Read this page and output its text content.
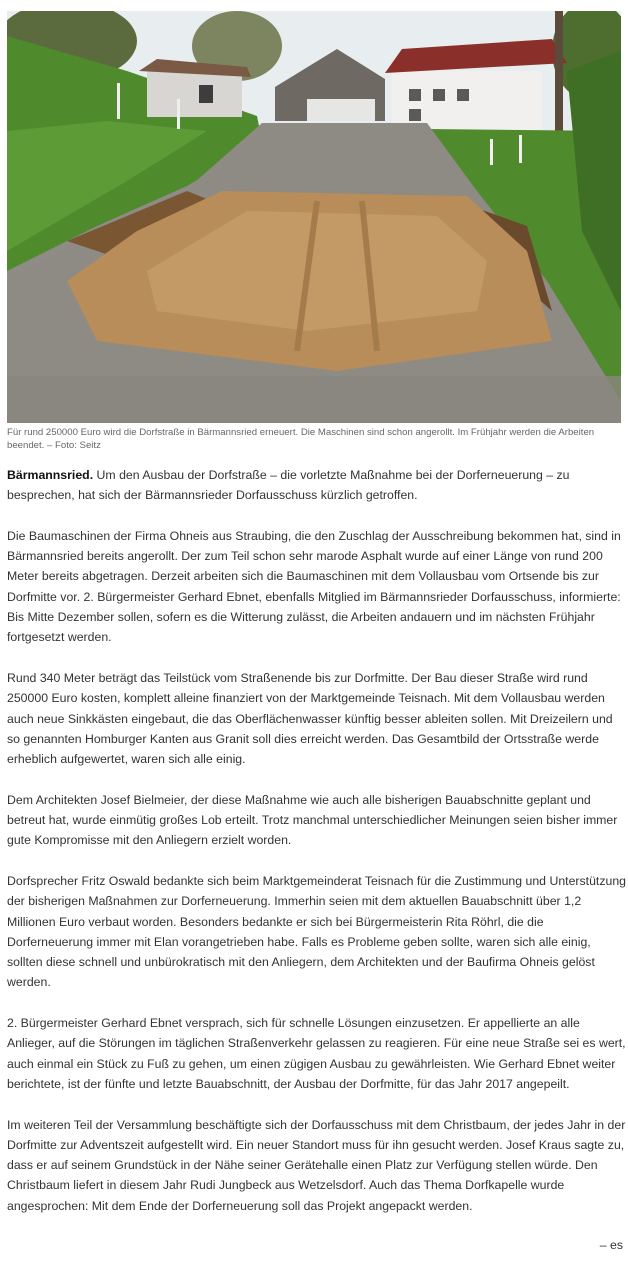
Für rund 250000 Euro wird die Dorfstraße in Bärmannsried erneuert. Die Maschinen sind schon angerollt. Im Frühjahr werden die Arbeiten beendet. – Foto: Seitz

Bärmannsried. Um den Ausbau der Dorfstraße – die vorletzte Maßnahme bei der Dorferneuerung – zu besprechen, hat sich der Bärmannsrieder Dorfausschuss kürzlich getroffen.

Die Baumaschinen der Firma Ohneis aus Straubing, die den Zuschlag der Ausschreibung bekommen hat, sind in Bärmannsried bereits angerollt. Der zum Teil schon sehr marode Asphalt wurde auf einer Länge von rund 200 Meter bereits abgetragen. Derzeit arbeiten sich die Baumaschinen mit dem Vollausbau vom Ortsende bis zur Dorfmitte vor. 2. Bürgermeister Gerhard Ebnet, ebenfalls Mitglied im Bärmannsrieder Dorfausschuss, informierte: Bis Mitte Dezember sollen, sofern es die Witterung zulässt, die Arbeiten andauern und im nächsten Frühjahr fortgesetzt werden.

Rund 340 Meter beträgt das Teilstück vom Straßenende bis zur Dorfmitte. Der Bau dieser Straße wird rund 250000 Euro kosten, komplett alleine finanziert von der Marktgemeinde Teisnach. Mit dem Vollausbau werden auch neue Sinkkästen eingebaut, die das Oberflächenwasser künftig besser ableiten sollen. Mit Dreizeilern und so genannten Homburger Kanten aus Granit soll dies erreicht werden. Das Gesamtbild der Ortsstraße werde erheblich aufgewertet, waren sich alle einig.

Dem Architekten Josef Bielmeier, der diese Maßnahme wie auch alle bisherigen Bauabschnitte geplant und betreut hat, wurde einmütig großes Lob erteilt. Trotz manchmal unterschiedlicher Meinungen seien bisher immer gute Kompromisse mit den Anliegern erzielt worden.

Dorfsprecher Fritz Oswald bedankte sich beim Marktgemeinderat Teisnach für die Zustimmung und Unterstützung der bisherigen Maßnahmen zur Dorferneuerung. Immerhin seien mit dem aktuellen Bauabschnitt über 1,2 Millionen Euro verbaut worden. Besonders bedankte er sich bei Bürgermeisterin Rita Röhrl, die die Dorferneuerung immer mit Elan vorangetrieben habe. Falls es Probleme geben sollte, waren sich alle einig, sollten diese schnell und unbürokratisch mit den Anliegern, dem Architekten und der Baufirma Ohneis gelöst werden.

2. Bürgermeister Gerhard Ebnet versprach, sich für schnelle Lösungen einzusetzen. Er appellierte an alle Anlieger, auf die Störungen im täglichen Straßenverkehr gelassen zu reagieren. Für eine neue Straße sei es wert, auch einmal ein Stück zu Fuß zu gehen, um einen zügigen Ausbau zu gewährleisten. Wie Gerhard Ebnet weiter berichtete, ist der fünfte und letzte Bauabschnitt, der Ausbau der Dorfmitte, für das Jahr 2017 angepeilt.

Im weiteren Teil der Versammlung beschäftigte sich der Dorfausschuss mit dem Christbaum, der jedes Jahr in der Dorfmitte zur Adventszeit aufgestellt wird. Ein neuer Standort muss für ihn gesucht werden. Josef Kraus sagte zu, dass er auf seinem Grundstück in der Nähe seiner Gerätehalle einen Platz zur Verfügung stellen würde. Den Christbaum liefert in diesem Jahr Rudi Jungbeck aus Wetzelsdorf. Auch das Thema Dorfkapelle wurde angesprochen: Mit dem Ende der Dorferneuerung soll das Projekt angepackt werden.

– es
